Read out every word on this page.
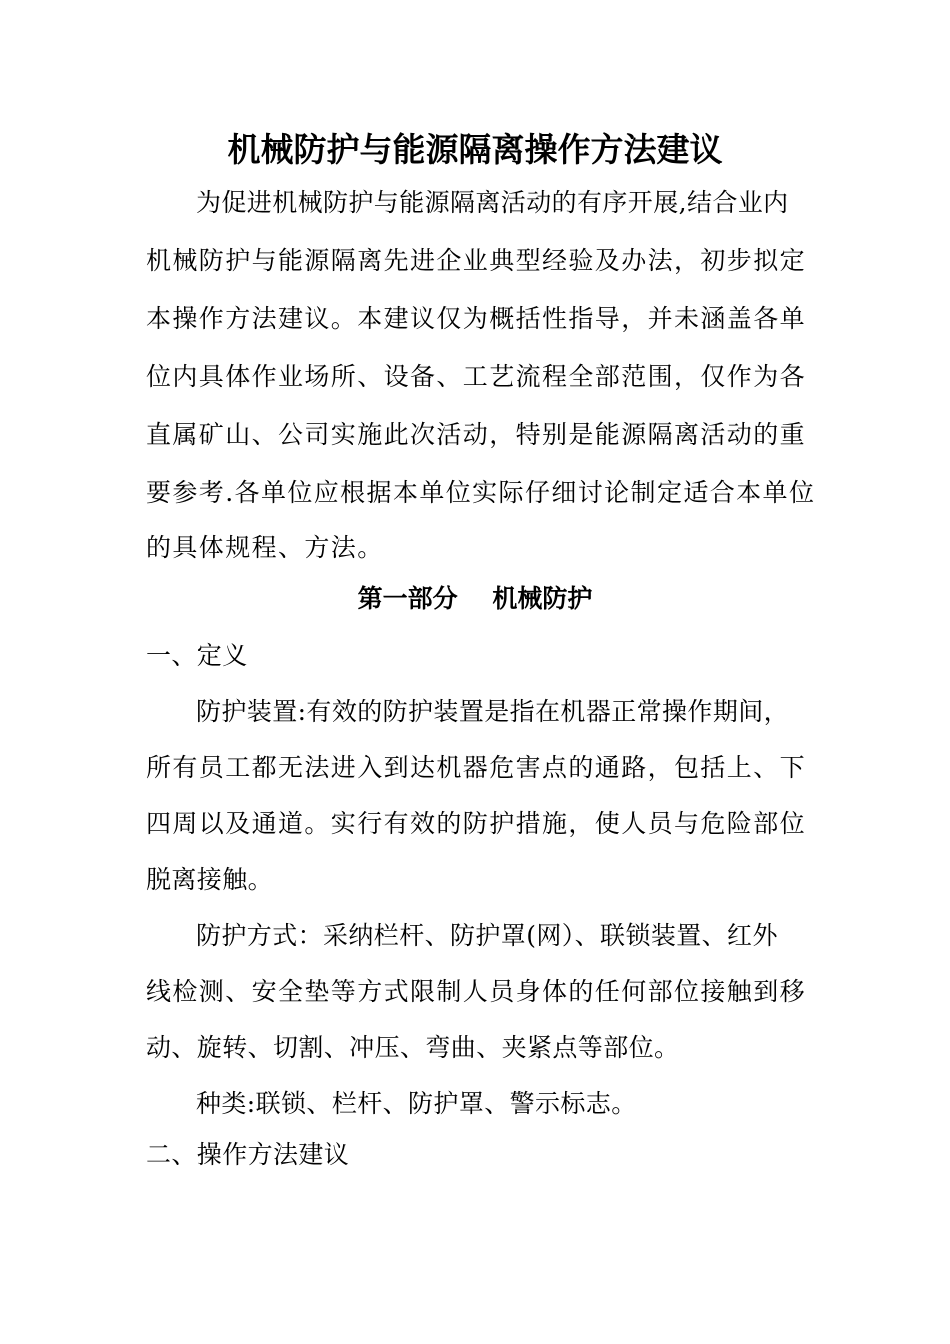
机械防护与能源隔离操作方法建议
为促进机械防护与能源隔离活动的有序开展,结合业内
机械防护与能源隔离先进企业典型经验及办法，初步拟定
本操作方法建议。本建议仅为概括性指导，并未涵盖各单
位内具体作业场所、设备、工艺流程全部范围，仅作为各
直属矿山、公司实施此次活动，特别是能源隔离活动的重
要参考.各单位应根据本单位实际仔细讨论制定适合本单位
的具体规程、方法。
第一部分    机械防护
一、定义
防护装置:有效的防护装置是指在机器正常操作期间，
所有员工都无法进入到达机器危害点的通路，包括上、下
四周以及通道。实行有效的防护措施，使人员与危险部位
脱离接触。
防护方式：采纳栏杆、防护罩(网）、联锁装置、红外
线检测、安全垫等方式限制人员身体的任何部位接触到移
动、旋转、切割、冲压、弯曲、夹紧点等部位。
种类:联锁、栏杆、防护罩、警示标志。
二、操作方法建议
